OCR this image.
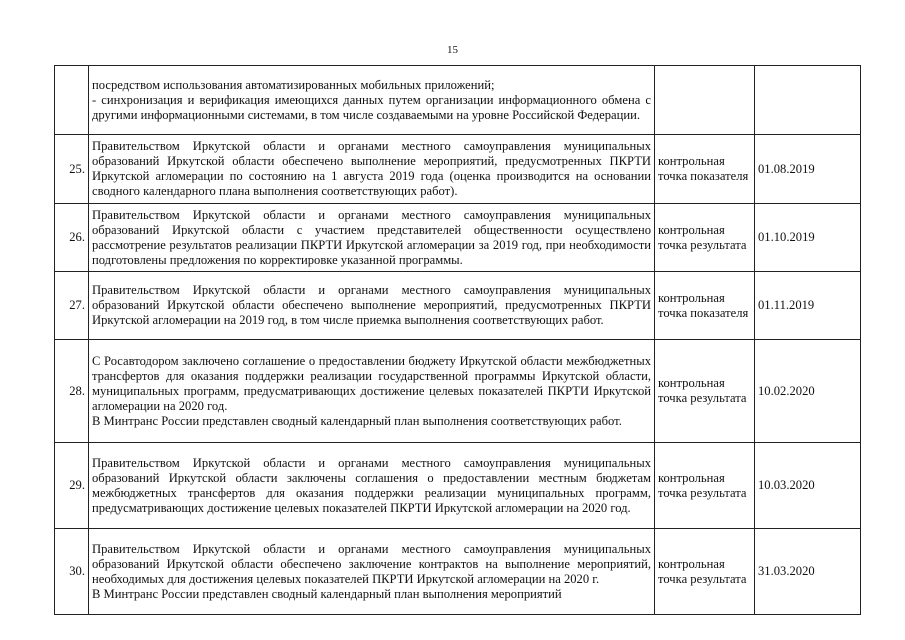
15

	посредством использования автоматизированных мобильных приложений;
- синхронизация и верификация имеющихся данных путем организации информационного обмена с другими информационными системами, в том числе создаваемыми на уровне Российской Федерации.		

25.	Правительством Иркутской области и органами местного самоуправления муниципальных образований Иркутской области обеспечено выполнение мероприятий, предусмотренных ПКРТИ Иркутской агломерации по состоянию на 1 августа 2019 года (оценка производится на основании сводного календарного плана выполнения соответствующих работ).	контрольная точка показателя	01.08.2019
26.	Правительством Иркутской области и органами местного самоуправления муниципальных образований Иркутской области с участием представителей общественности осуществлено рассмотрение результатов реализации ПКРТИ Иркутской агломерации за 2019 год, при необходимости подготовлены предложения по корректировке указанной программы.	контрольная точка результата	01.10.2019
27.	Правительством Иркутской области и органами местного самоуправления муниципальных образований Иркутской области обеспечено выполнение мероприятий, предусмотренных ПКРТИ Иркутской агломерации на 2019 год, в том числе приемка выполнения соответствующих работ.	контрольная точка показателя	01.11.2019
28.	С Росавтодором заключено соглашение о предоставлении бюджету Иркутской области межбюджетных трансфертов для оказания поддержки реализации государственной программы Иркутской области, муниципальных программ, предусматривающих достижение целевых показателей ПКРТИ Иркутской агломерации на 2020 год.
В Минтранс России представлен сводный календарный план выполнения соответствующих работ.	контрольная точка результата	10.02.2020
29.	Правительством Иркутской области и органами местного самоуправления муниципальных образований Иркутской области заключены соглашения о предоставлении местным бюджетам межбюджетных трансфертов для оказания поддержки реализации муниципальных программ, предусматривающих достижение целевых показателей ПКРТИ Иркутской агломерации на 2020 год.	контрольная точка результата	10.03.2020
30.	Правительством Иркутской области и органами местного самоуправления муниципальных образований Иркутской области обеспечено заключение контрактов на выполнение мероприятий, необходимых для достижения целевых показателей ПКРТИ Иркутской агломерации на 2020 г.
В Минтранс России представлен сводный календарный план выполнения мероприятий	контрольная точка результата	31.03.2020
